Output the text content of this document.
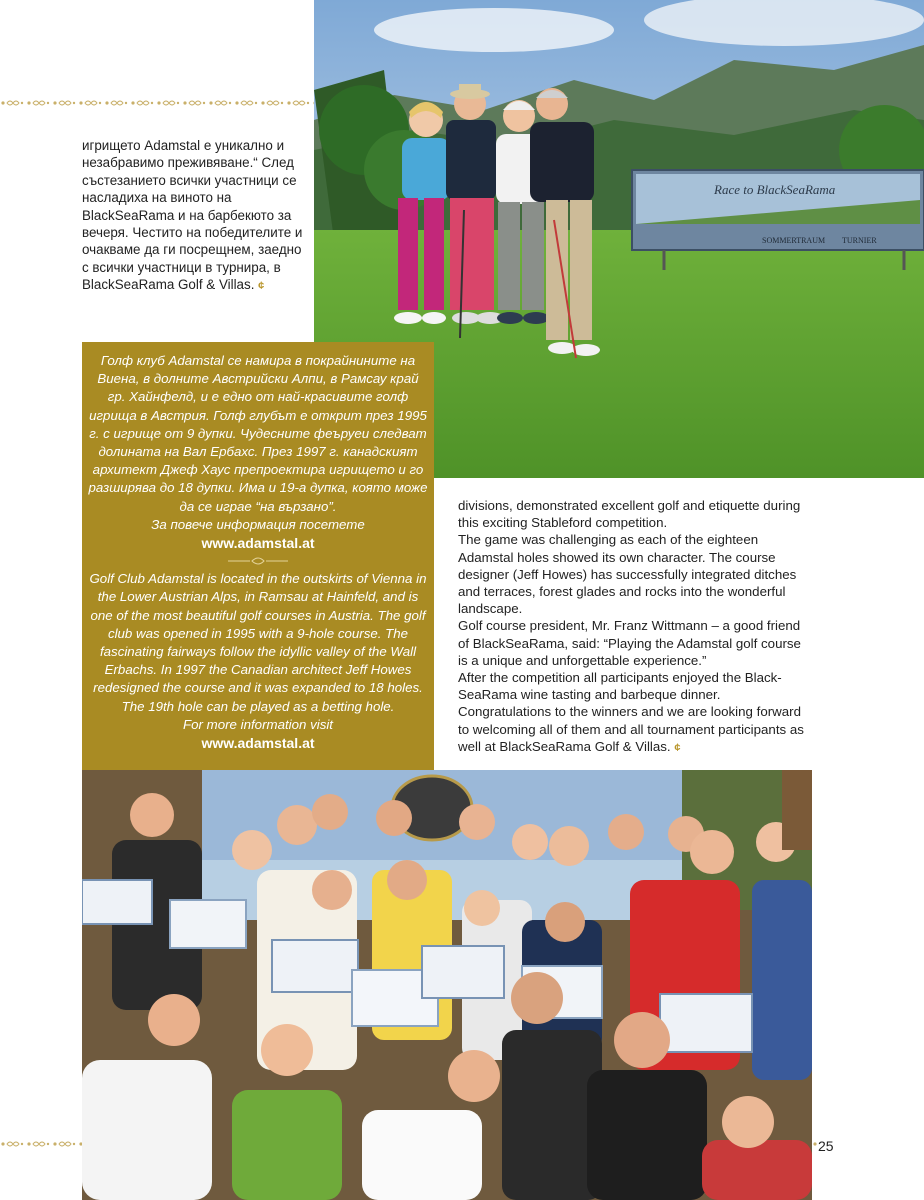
Race to BlackSeaRama
SOMMERTRAUM TURNIER
игрището Adamstal е уникално и незабравимо преживяване.“ След състезанието всички участници се насладиха на виното на BlackSeaRama и на барбекюто за вечеря. Честито на победителите и очакваме да ги посрещнем, заедно с всички участници в турнира, в BlackSeaRama Golf & Villas. ¢
Голф клуб Adamstal се намира в покрайнините на Виена, в долните Австрийски Алпи, в Рамсау край гр. Хайнфелд, и е едно от най-красивите голф игрища в Австрия. Голф глубът е открит през 1995 г. с игрище от 9 дупки. Чудесните феъруеи следват долината на Вал Ербахс. През 1997 г. канадският архитект Джеф Хаус препроектира игрището и го разширява до 18 дупки. Има и 19-а дупка, която може да се играе “на вързано”.
За повече информация посетете
www.adamstal.at
Golf Club Adamstal is located in the outskirts of Vienna in the Lower Austrian Alps, in Ramsau at Hainfeld, and is one of the most beautiful golf courses in Austria. The golf club was opened in 1995 with a 9-hole course. The fascinating fairways follow the idyllic valley of the Wall Erbachs. In 1997 the Canadian architect Jeff Howes redesigned the course and it was expanded to 18 holes. The 19th hole can be played as a betting hole.
For more information visit
www.adamstal.at

divisions, demonstrated excellent golf and etiquette during this exciting Stableford competition.

The game was challenging as each of the eighteen Adamstal holes showed its own character. The course designer (Jeff Howes) has successfully integrated ditches and terraces, forest glades and rocks into the wonderful landscape.

Golf course president, Mr. Franz Wittmann – a good friend of BlackSeaRama, said: “Playing the Adamstal golf course is a unique and unforgettable experience.”

After the competition all participants enjoyed the Black-SeaRama wine tasting and barbeque dinner. Congratulations to the winners and we are looking forward to welcoming all of them and all tournament participants as well at BlackSeaRama Golf & Villas. ¢

25
